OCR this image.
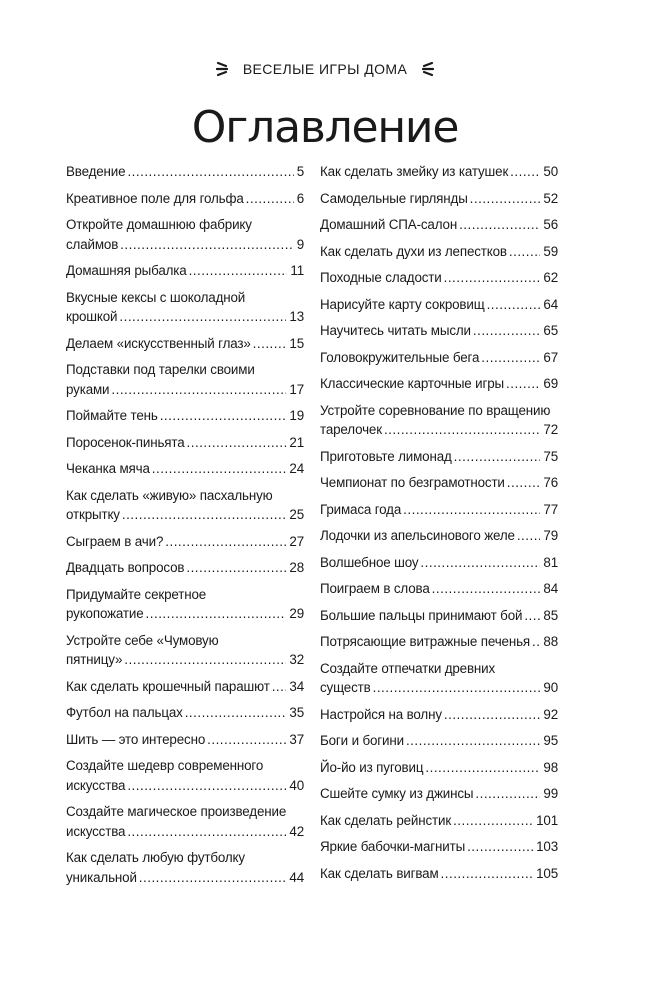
ВЕСЕЛЫЕ ИГРЫ ДОМА
Оглавление
Введение .....	5
Креативное поле для гольфа .....	6
Откройте домашнюю фабрику
слаймов .....	9
Домашняя рыбалка .....	11
Вкусные кексы с шоколадной
крошкой .....	13
Делаем «искусственный глаз» .....	15
Подставки под тарелки своими
руками .....	17
Поймайте тень .....	19
Поросенок-пиньята .....	21
Чеканка мяча .....	24
Как сделать «живую» пасхальную
открытку .....	25
Сыграем в ачи? .....	27
Двадцать вопросов .....	28
Придумайте секретное
рукопожатие .....	29
Устройте себе «Чумовую
пятницу» .....	32
Как сделать крошечный парашют ..... 34
Футбол на пальцах .....	35
Шить — это интересно .....	37
Создайте шедевр современного
искусства .....	40
Создайте магическое произведение
искусства .....	42
Как сделать любую футболку
уникальной .....	44
Как сделать змейку из катушек .....	50
Самодельные гирлянды .....	52
Домашний СПА-салон .....	56
Как сделать духи из лепестков .....	59
Походные сладости .....	62
Нарисуйте карту сокровищ .....	64
Научитесь читать мысли .....	65
Головокружительные бега .....	67
Классические карточные игры .....	69
Устройте соревнование по вращению
тарелочек .....	72
Приготовьте лимонад .....	75
Чемпионат по безграмотности .....	76
Гримаса года .....	77
Лодочки из апельсинового желе ..... 79
Волшебное шоу .....	81
Поиграем в слова .....	84
Большие пальцы принимают бой ..... 85
Потрясающие витражные печенья ..... 88
Создайте отпечатки древних
существ .....	90
Настройся на волну .....	92
Боги и богини .....	95
Йо-йо из пуговиц .....	98
Сшейте сумку из джинсы .....	99
Как сделать рейнстик .....	101
Яркие бабочки-магниты .....	103
Как сделать вигвам .....	105
